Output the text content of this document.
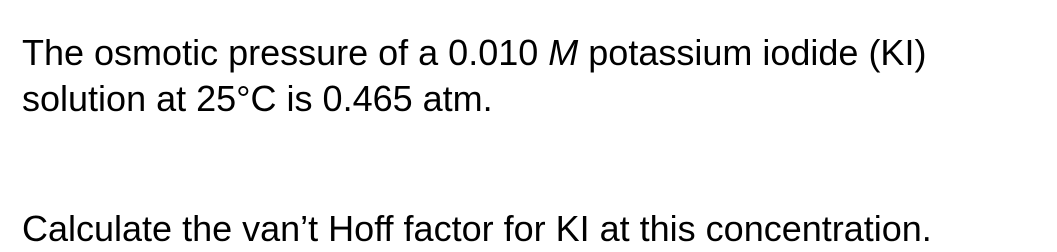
The osmotic pressure of a 0.010 M potassium iodide (KI)
solution at 25°C is 0.465 atm.

Calculate the van’t Hoff factor for KI at this concentration.
